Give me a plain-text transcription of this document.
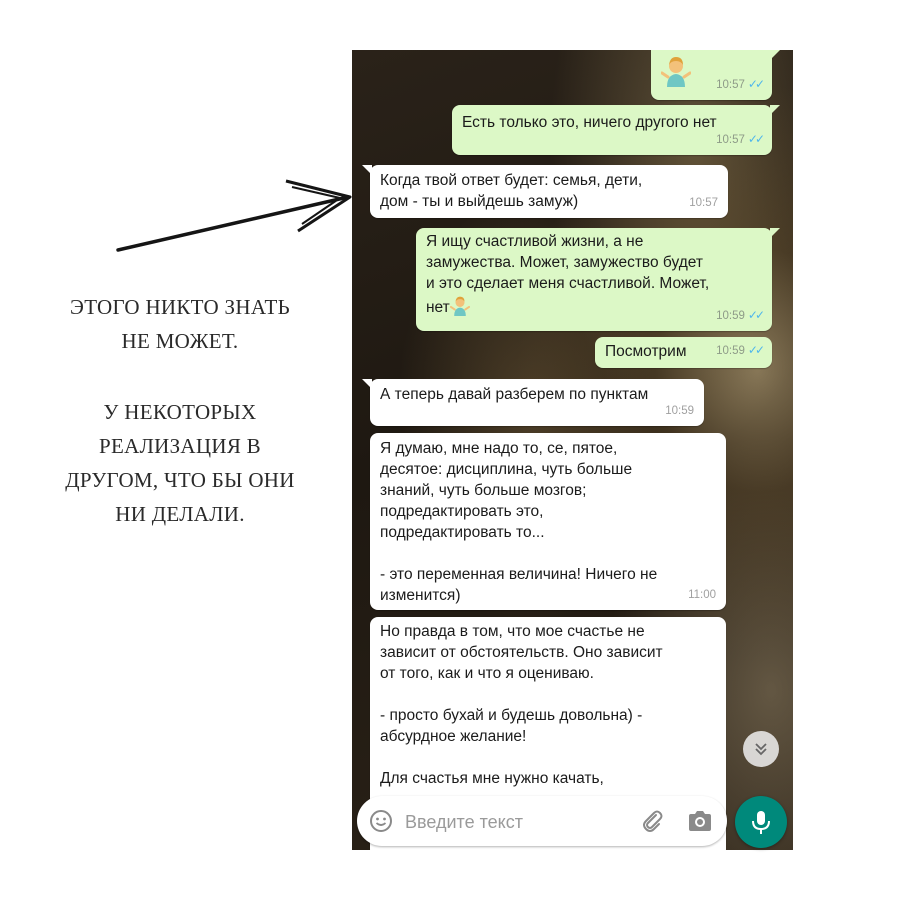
ЭТОГО НИКТО ЗНАТЬ
НЕ МОЖЕТ.
У НЕКОТОРЫХ
РЕАЛИЗАЦИЯ В
ДРУГОМ, ЧТО БЫ ОНИ
НИ ДЕЛАЛИ.
10:57 ✓✓
Есть только это, ничего другого нет
10:57 ✓✓
Когда твой ответ будет: семья, дети,
дом - ты и выйдешь замуж)	10:57
Я ищу счастливой жизни, а не
замужества. Может, замужество будет
и это сделает меня счастливой. Может,
нет	10:59 ✓✓
Посмотрим	10:59 ✓✓
А теперь давай разберем по пунктам
10:59
Я думаю, мне надо то, се, пятое,
десятое: дисциплина, чуть больше
знаний, чуть больше мозгов;
подредактировать это,
подредактировать то...

- это переменная величина! Ничего не
изменится)	11:00
Но правда в том, что мое счастье не
зависит от обстоятельств. Оно зависит
от того, как и что я оцениваю.

- просто бухай и будешь довольна) -
абсурдное желание!

Для счастья мне нужно качать,
Введите текст
